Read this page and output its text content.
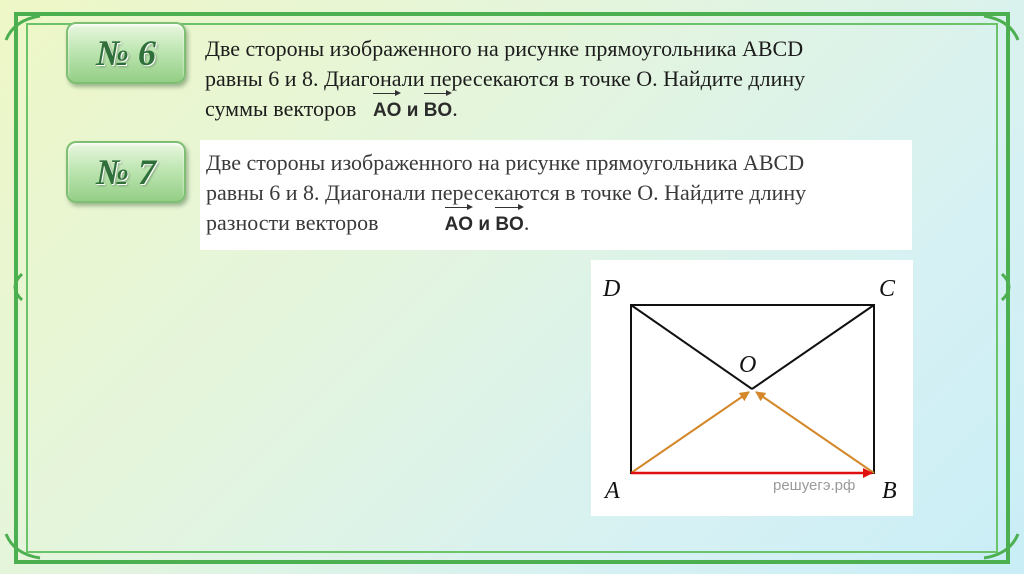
№ 6 Две стороны изображенного на рисунке прямоугольника ABCD
равны 6 и 8. Диагонали пересекаются в точке О. Найдите длину
суммы векторов AO и BO.
№ 7 Две стороны изображенного на рисунке прямоугольника ABCD
равны 6 и 8. Диагонали пересекаются в точке О. Найдите длину
разности векторов	AO и BO.
решуегэ.рф
D	C
O
A	B
